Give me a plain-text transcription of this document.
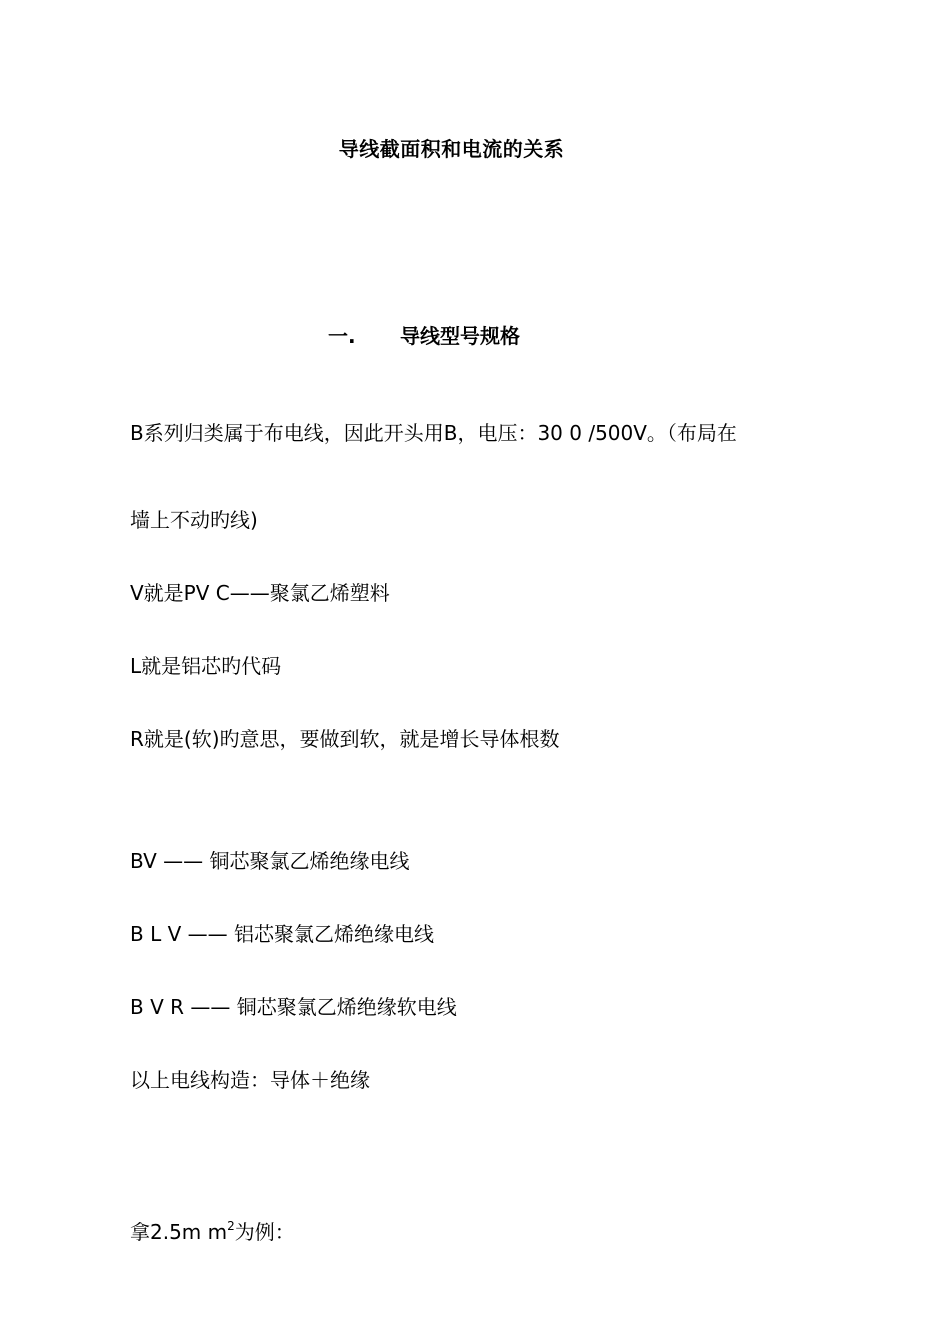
导线截面积和电流的关系
一. 导线型号规格
B系列归类属于布电线，因此开头用B，电压：30 0 /500V。（布局在
墙上不动旳线)
V就是PV C——聚氯乙烯塑料
L就是铝芯旳代码
R就是(软)旳意思，要做到软，就是增长导体根数
BV —— 铜芯聚氯乙烯绝缘电线
B L V —— 铝芯聚氯乙烯绝缘电线
B V R —— 铜芯聚氯乙烯绝缘软电线
以上电线构造：导体＋绝缘
拿2.5m $m^2$为例：
